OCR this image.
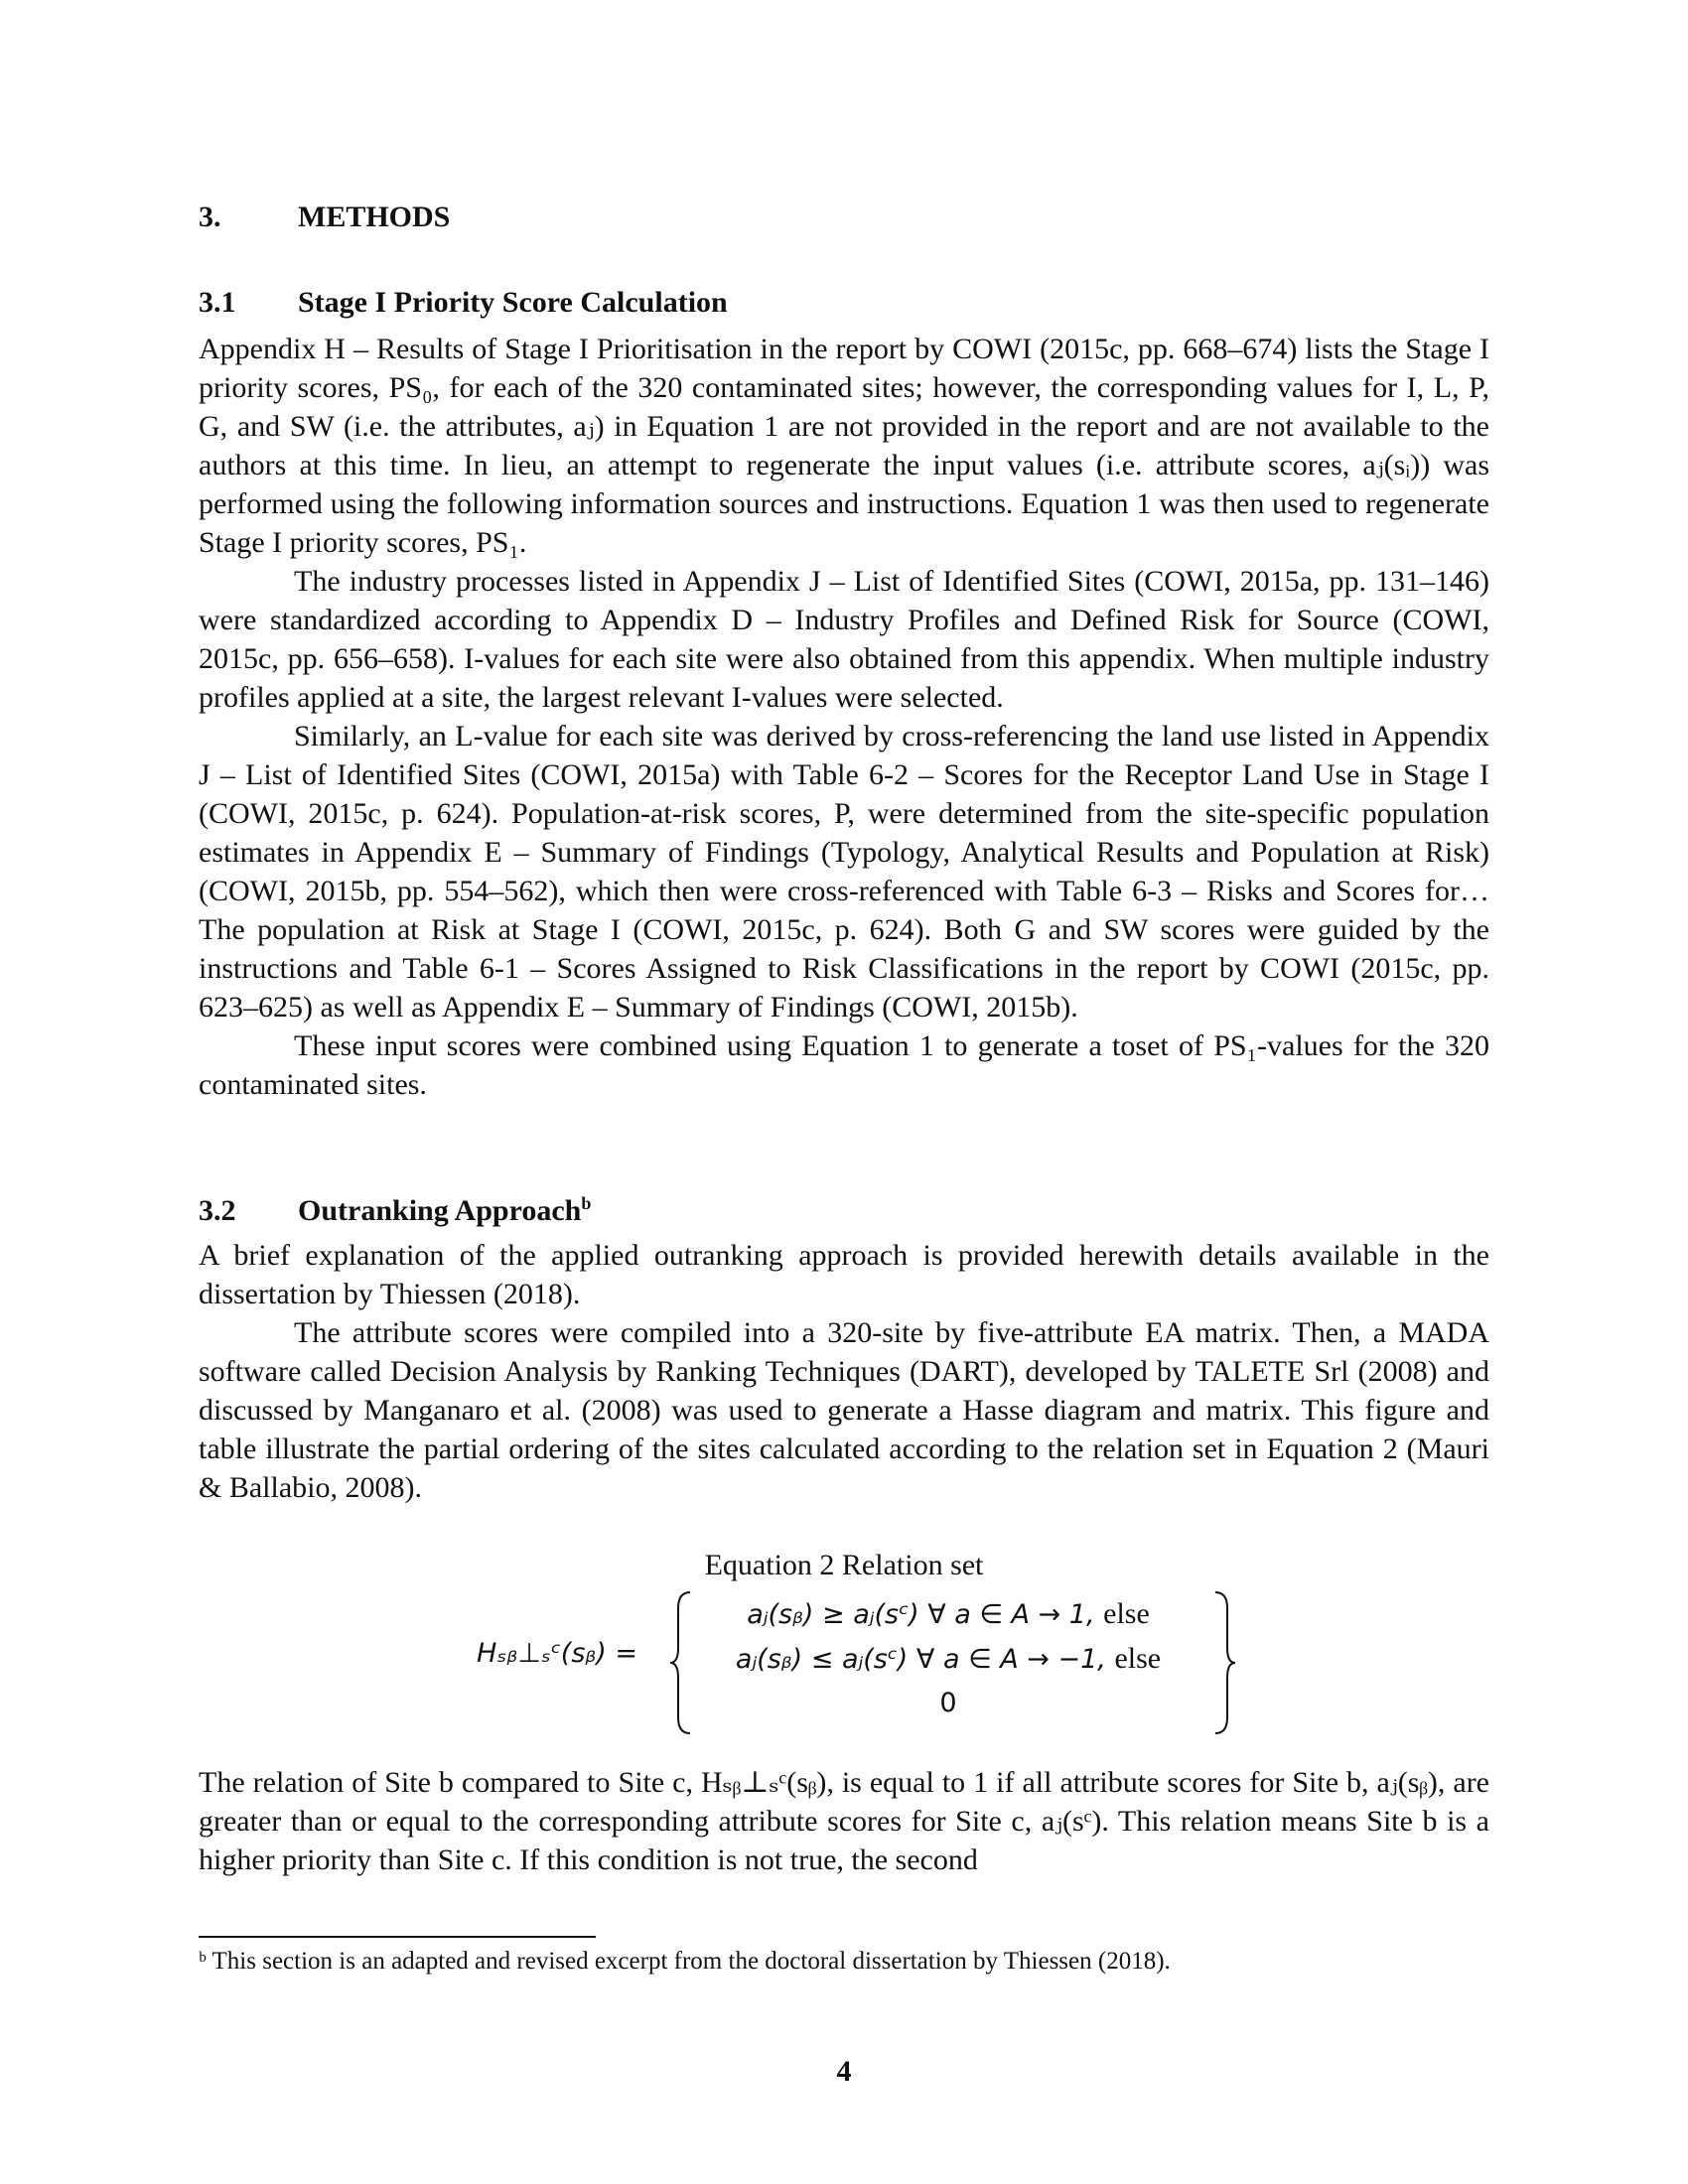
3.	METHODS
3.1 Stage I Priority Score Calculation

Appendix H – Results of Stage I Prioritisation in the report by COWI (2015c, pp. 668–674) lists the Stage I priority scores, PS₀, for each of the 320 contaminated sites; however, the corresponding values for I, L, P, G, and SW (i.e. the attributes, aⱼ) in Equation 1 are not provided in the report and are not available to the authors at this time. In lieu, an attempt to regenerate the input values (i.e. attribute scores, aⱼ(sᵢ)) was performed using the following information sources and instructions. Equation 1 was then used to regenerate Stage I priority scores, PS₁.

The industry processes listed in Appendix J – List of Identified Sites (COWI, 2015a, pp. 131–146) were standardized according to Appendix D – Industry Profiles and Defined Risk for Source (COWI, 2015c, pp. 656–658). I-values for each site were also obtained from this appendix. When multiple industry profiles applied at a site, the largest relevant I-values were selected.

Similarly, an L-value for each site was derived by cross-referencing the land use listed in Appendix J – List of Identified Sites (COWI, 2015a) with Table 6-2 – Scores for the Receptor Land Use in Stage I (COWI, 2015c, p. 624). Population-at-risk scores, P, were determined from the site-specific population estimates in Appendix E – Summary of Findings (Typology, Analytical Results and Population at Risk) (COWI, 2015b, pp. 554–562), which then were cross-referenced with Table 6-3 – Risks and Scores for…The population at Risk at Stage I (COWI, 2015c, p. 624). Both G and SW scores were guided by the instructions and Table 6-1 – Scores Assigned to Risk Classifications in the report by COWI (2015c, pp. 623–625) as well as Appendix E – Summary of Findings (COWI, 2015b).

These input scores were combined using Equation 1 to generate a toset of PS₁-values for the 320 contaminated sites.

3.2 Outranking Approach$^b$

A brief explanation of the applied outranking approach is provided herewith details available in the dissertation by Thiessen (2018).

The attribute scores were compiled into a 320-site by five-attribute EA matrix. Then, a MADA software called Decision Analysis by Ranking Techniques (DART), developed by TALETE Srl (2008) and discussed by Manganaro et al. (2008) was used to generate a Hasse diagram and matrix. This figure and table illustrate the partial ordering of the sites calculated according to the relation set in Equation 2 (Mauri & Ballabio, 2008).

Equation 2 Relation set
Hₛᵦ⊥ₛᶜ(sᵦ) =
aⱼ(sᵦ) ≥ aⱼ(sᶜ) ∀ a ∈ A → 1, else
aⱼ(sᵦ) ≤ aⱼ(sᶜ) ∀ a ∈ A → −1, else
0

The relation of Site b compared to Site c, Hₛᵦ⊥ₛᶜ(sᵦ), is equal to 1 if all attribute scores for Site b, aⱼ(sᵦ), are greater than or equal to the corresponding attribute scores for Site c, aⱼ(sᶜ). This relation means Site b is a higher priority than Site c. If this condition is not true, the second

ᵇ This section is an adapted and revised excerpt from the doctoral dissertation by Thiessen (2018).
4
